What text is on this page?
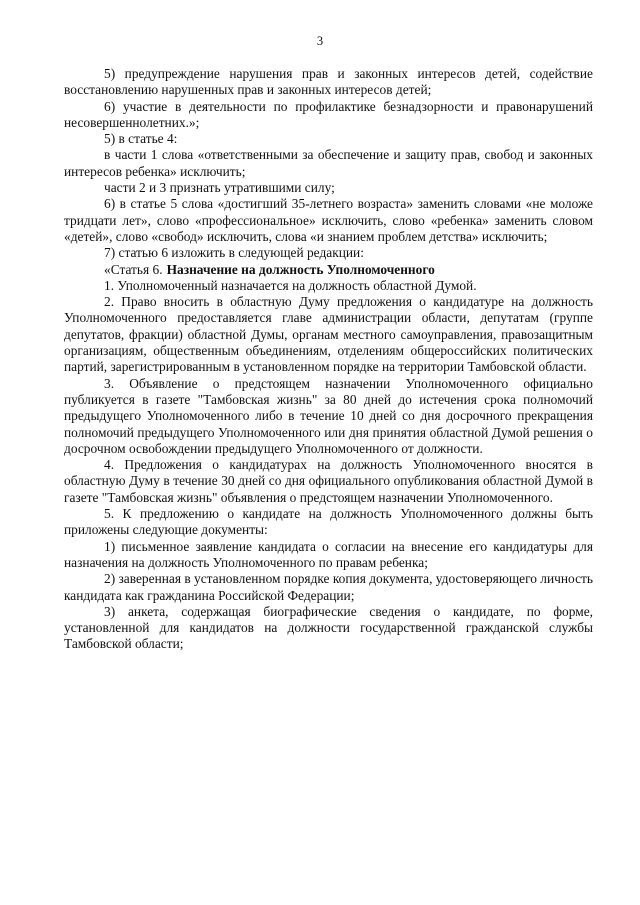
3

5) предупреждение нарушения прав и законных интересов детей, содействие восстановлению нарушенных прав и законных интересов детей;

6) участие в деятельности по профилактике безнадзорности и правонарушений несовершеннолетних.»;

5) в статье 4:

в части 1 слова «ответственными за обеспечение и защиту прав, свобод и законных интересов ребенка» исключить;

части 2 и 3 признать утратившими силу;

6) в статье 5 слова «достигший 35-летнего возраста» заменить словами «не моложе тридцати лет», слово «профессиональное» исключить, слово «ребенка» заменить словом «детей», слово «свобод» исключить, слова «и знанием проблем детства» исключить;

7) статью 6 изложить в следующей редакции:

«Статья 6. Назначение на должность Уполномоченного

1. Уполномоченный назначается на должность областной Думой.

2. Право вносить в областную Думу предложения о кандидатуре на должность Уполномоченного предоставляется главе администрации области, депутатам (группе депутатов, фракции) областной Думы, органам местного самоуправления, правозащитным организациям, общественным объединениям, отделениям общероссийских политических партий, зарегистрированным в установленном порядке на территории Тамбовской области.

3. Объявление о предстоящем назначении Уполномоченного официально публикуется в газете "Тамбовская жизнь" за 80 дней до истечения срока полномочий предыдущего Уполномоченного либо в течение 10 дней со дня досрочного прекращения полномочий предыдущего Уполномоченного или дня принятия областной Думой решения о досрочном освобождении предыдущего Уполномоченного от должности.

4. Предложения о кандидатурах на должность Уполномоченного вносятся в областную Думу в течение 30 дней со дня официального опубликования областной Думой в газете "Тамбовская жизнь" объявления о предстоящем назначении Уполномоченного.

5. К предложению о кандидате на должность Уполномоченного должны быть приложены следующие документы:

1) письменное заявление кандидата о согласии на внесение его кандидатуры для назначения на должность Уполномоченного по правам ребенка;

2) заверенная в установленном порядке копия документа, удостоверяющего личность кандидата как гражданина Российской Федерации;

3) анкета, содержащая биографические сведения о кандидате, по форме, установленной для кандидатов на должности государственной гражданской службы Тамбовской области;
